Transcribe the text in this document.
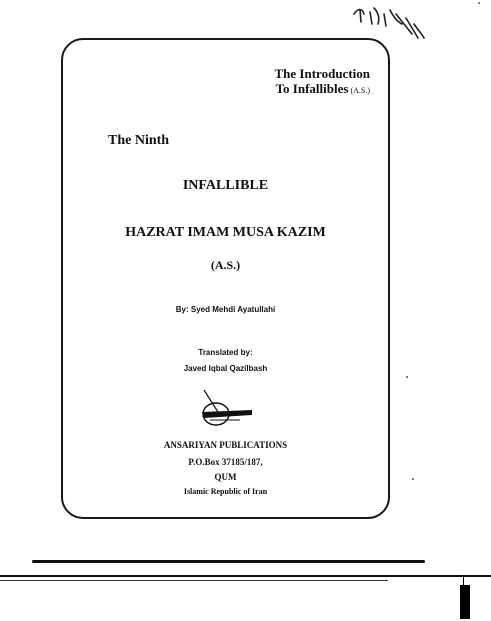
The Introduction
To Infallibles (A.S.)
The Ninth
INFALLIBLE
HAZRAT IMAM MUSA KAZIM
(A.S.)
By: Syed Mehdi Ayatullahi
Translated by:
Javed Iqbal Qazilbash
ANSARIYAN PUBLICATIONS
P.O.Box 37185/187,
QUM
Islamic Republic of Iran
